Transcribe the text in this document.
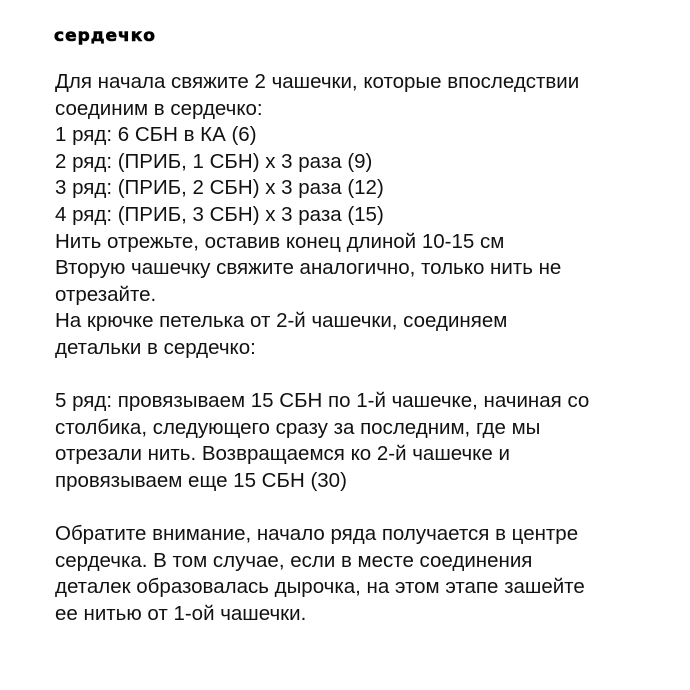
сердечко
Для начала свяжите 2 чашечки, которые впоследствии
соединим в сердечко:
1 ряд: 6 СБН в КА (6)
2 ряд: (ПРИБ, 1 СБН) х 3 раза (9)
3 ряд: (ПРИБ, 2 СБН) х 3 раза (12)
4 ряд: (ПРИБ, 3 СБН) х 3 раза (15)
Нить отрежьте, оставив конец длиной 10-15 см
Вторую чашечку свяжите аналогично, только нить не
отрезайте.
На крючке петелька от 2-й чашечки, соединяем
детальки в сердечко:
5 ряд: провязываем 15 СБН по 1-й чашечке, начиная со
столбика, следующего сразу за последним, где мы
отрезали нить. Возвращаемся ко 2-й чашечке и
провязываем еще 15 СБН (30)
Обратите внимание, начало ряда получается в центре
сердечка. В том случае, если в месте соединения
деталек образовалась дырочка, на этом этапе зашейте
ее нитью от 1-ой чашечки.
